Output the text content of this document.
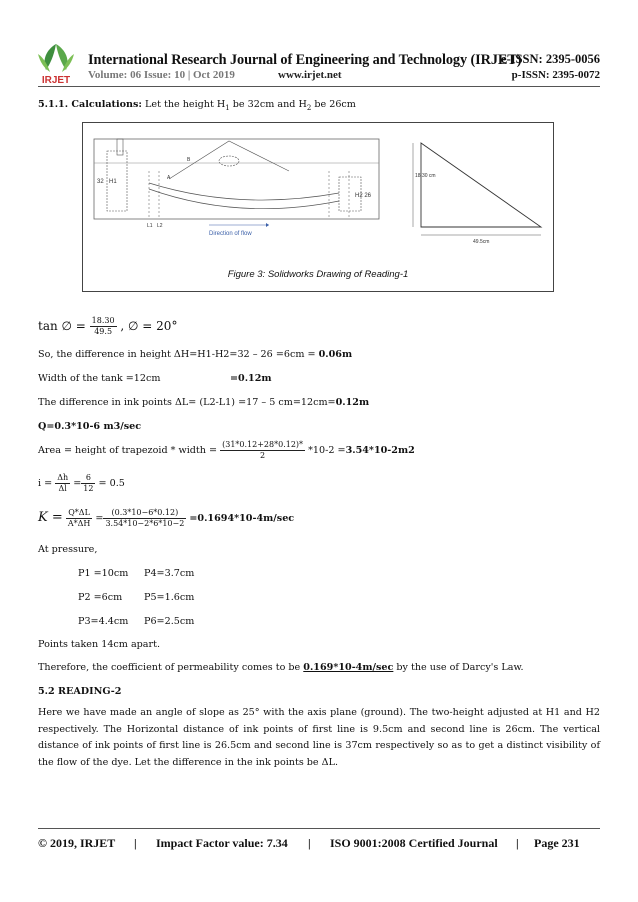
IRJET
International Research Journal of Engineering and Technology (IRJET)
e-ISSN: 2395-0056
Volume: 06 Issue: 10 | Oct 2019	www.irjet.net	p-ISSN: 2395-0072
5.1.1. Calculations: Let the height $H_1$ be 32cm and $H_2$ be 26cm
32 H1
H2 26
A
B
L1 L2
Direction of flow
18.30 cm
49.5cm
Figure 3: Solidworks Drawing of Reading-1
tan ∅ = $\frac{18.30}{49.5}$ , ∅ = 20°
So, the difference in height ΔH=H1-H2=32 – 26 =6cm = 0.06m
Width of the tank =12cm	=0.12m
The difference in ink points ΔL= (L2-L1) =17 – 5 cm=12cm=0.12m
Q=0.3*10-6 m3/sec
Area = height of trapezoid * width = $\frac{(31*0.12+28*0.12)*}{2} *10-2 =3.54*10-2m2$
$i = \frac{\Delta h}{\Delta l} = \frac{6}{12} = 0.5$
$K = \frac{Q*\Delta L}{A*\Delta H} = \frac{(0.3*10-6*0.12)}{3.54*10-2*6*10-2} =0.1694*10-4m/\sec$
At pressure,
P1 =10cm P4=3.7cm
P2 =6cm P5=1.6cm
P3=4.4cm P6=2.5cm
Points taken 14cm apart.
Therefore, the coefficient of permeability comes to be 0.169*10-4m/sec by the use of Darcy's Law.
5.2 READING-2
Here we have made an angle of slope as 25° with the axis plane (ground). The two-height adjusted at H1 and H2 respectively. The Horizontal distance of ink points of first line is 9.5cm and second line is 26cm. The vertical distance of ink points of first line is 26.5cm and second line is 37cm respectively so as to get a distinct visibility of the flow of the dye. Let the difference in the ink points be ΔL.
© 2019, IRJET | Impact Factor value: 7.34 | ISO 9001:2008 Certified Journal | Page 231
